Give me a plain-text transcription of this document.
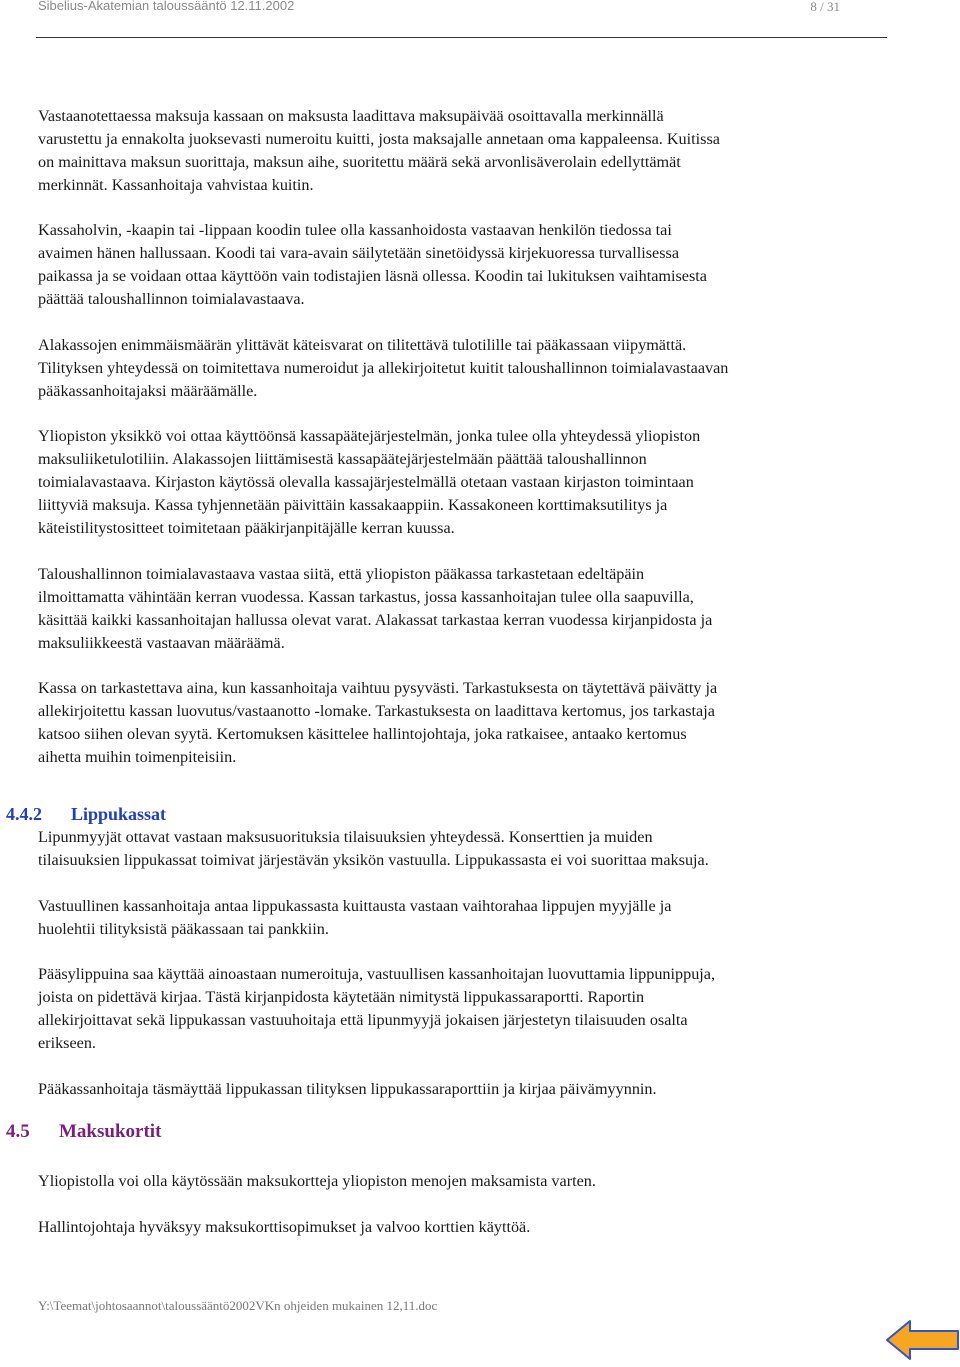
Sibelius-Akatemian taloussääntö 12.11.2002	8 / 31

Vastaanotettaessa maksuja kassaan on maksusta laadittava maksupäivää osoittavalla merkinnällä

varustettu ja ennakolta juoksevasti numeroitu kuitti, josta maksajalle annetaan oma kappaleensa. Kuitissa

on mainittava maksun suorittaja, maksun aihe, suoritettu määrä sekä arvonlisäverolain edellyttämät

merkinnät. Kassanhoitaja vahvistaa kuitin.

Kassaholvin, -kaapin tai -lippaan koodin tulee olla kassanhoidosta vastaavan henkilön tiedossa tai

avaimen hänen hallussaan. Koodi tai vara-avain säilytetään sinetöidyssä kirjekuoressa turvallisessa

paikassa ja se voidaan ottaa käyttöön vain todistajien läsnä ollessa. Koodin tai lukituksen vaihtamisesta

päättää taloushallinnon toimialavastaava.

Alakassojen enimmäismäärän ylittävät käteisvarat on tilitettävä tulotilille tai pääkassaan viipymättä.

Tilityksen yhteydessä on toimitettava numeroidut ja allekirjoitetut kuitit taloushallinnon toimialavastaavan

pääkassanhoitajaksi määräämälle.

Yliopiston yksikkö voi ottaa käyttöönsä kassapäätejärjestelmän, jonka tulee olla yhteydessä yliopiston

maksuliiketulotiliin. Alakassojen liittämisestä kassapäätejärjestelmään päättää taloushallinnon

toimialavastaava. Kirjaston käytössä olevalla kassajärjestelmällä otetaan vastaan kirjaston toimintaan

liittyviä maksuja. Kassa tyhjennetään päivittäin kassakaappiin. Kassakoneen korttimaksutilitys ja

käteistilitystositteet toimitetaan pääkirjanpitäjälle kerran kuussa.

Taloushallinnon toimialavastaava vastaa siitä, että yliopiston pääkassa tarkastetaan edeltäpäin

ilmoittamatta vähintään kerran vuodessa. Kassan tarkastus, jossa kassanhoitajan tulee olla saapuvilla,

käsittää kaikki kassanhoitajan hallussa olevat varat. Alakassat tarkastaa kerran vuodessa kirjanpidosta ja

maksuliikkeestä vastaavan määräämä.

Kassa on tarkastettava aina, kun kassanhoitaja vaihtuu pysyvästi. Tarkastuksesta on täytettävä päivätty ja

allekirjoitettu kassan luovutus/vastaanotto -lomake. Tarkastuksesta on laadittava kertomus, jos tarkastaja

katsoo siihen olevan syytä. Kertomuksen käsittelee hallintojohtaja, joka ratkaisee, antaako kertomus

aihetta muihin toimenpiteisiin.

4.4.2 Lippukassat

Lipunmyyjät ottavat vastaan maksusuorituksia tilaisuuksien yhteydessä. Konserttien ja muiden

tilaisuuksien lippukassat toimivat järjestävän yksikön vastuulla. Lippukassasta ei voi suorittaa maksuja.

Vastuullinen kassanhoitaja antaa lippukassasta kuittausta vastaan vaihtorahaa lippujen myyjälle ja

huolehtii tilityksistä pääkassaan tai pankkiin.

Pääsylippuina saa käyttää ainoastaan numeroituja, vastuullisen kassanhoitajan luovuttamia lippunippuja,

joista on pidettävä kirjaa. Tästä kirjanpidosta käytetään nimitystä lippukassaraportti. Raportin

allekirjoittavat sekä lippukassan vastuuhoitaja että lipunmyyjä jokaisen järjestetyn tilaisuuden osalta

erikseen.

Pääkassanhoitaja täsmäyttää lippukassan tilityksen lippukassaraporttiin ja kirjaa päivämyynnin.

4.5 Maksukortit

Yliopistolla voi olla käytössään maksukortteja yliopiston menojen maksamista varten.

Hallintojohtaja hyväksyy maksukorttisopimukset ja valvoo korttien käyttöä.

Y:\Teemat\johtosaannot\taloussääntö2002VKn ohjeiden mukainen 12,11.doc
